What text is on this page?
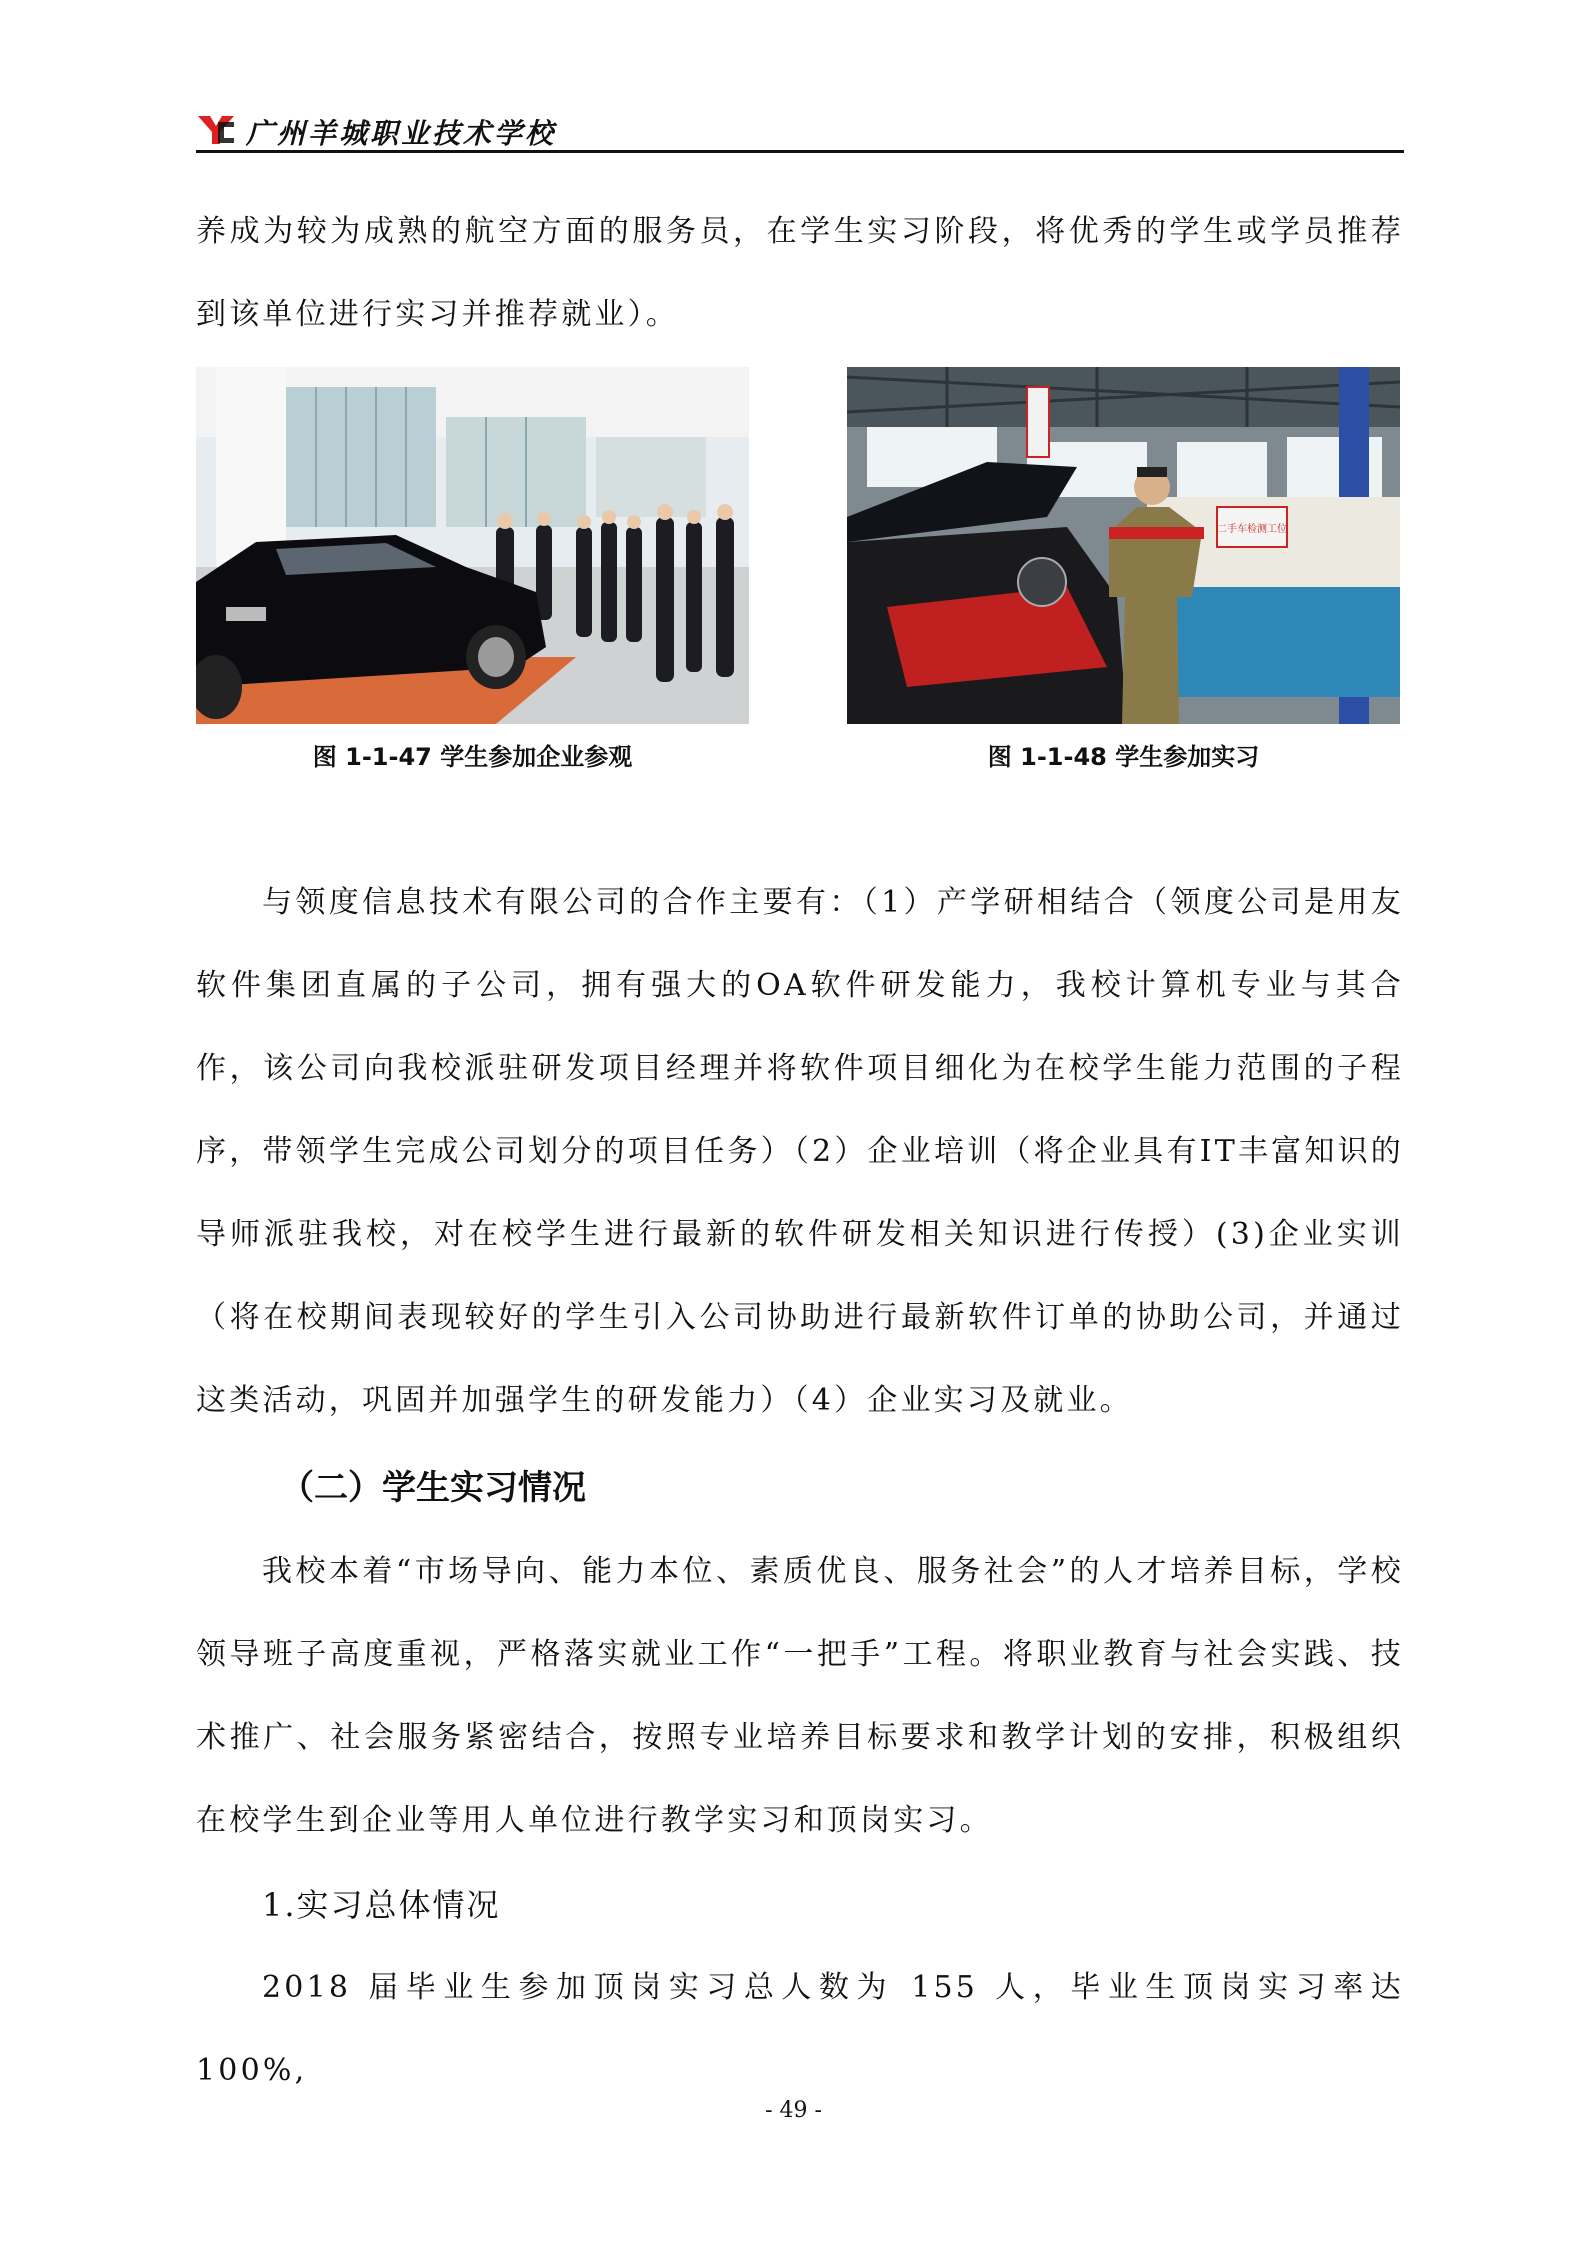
广州羊城职业技术学校

养成为较为成熟的航空方面的服务员，在学生实习阶段，将优秀的学生或学员推荐到该单位进行实习并推荐就业）。

图 1-1-47 学生参加企业参观
二手车检测工位
图 1-1-48 学生参加实习

与领度信息技术有限公司的合作主要有：（1）产学研相结合（领度公司是用友软件集团直属的子公司，拥有强大的OA软件研发能力，我校计算机专业与其合作，该公司向我校派驻研发项目经理并将软件项目细化为在校学生能力范围的子程序，带领学生完成公司划分的项目任务）（2）企业培训（将企业具有IT丰富知识的导师派驻我校，对在校学生进行最新的软件研发相关知识进行传授）(3)企业实训（将在校期间表现较好的学生引入公司协助进行最新软件订单的协助公司，并通过这类活动，巩固并加强学生的研发能力）（4）企业实习及就业。

（二）学生实习情况

我校本着“市场导向、能力本位、素质优良、服务社会”的人才培养目标，学校领导班子高度重视，严格落实就业工作“一把手”工程。将职业教育与社会实践、技术推广、社会服务紧密结合，按照专业培养目标要求和教学计划的安排，积极组织在校学生到企业等用人单位进行教学实习和顶岗实习。

1.实习总体情况

2018 届毕业生参加顶岗实习总人数为 155 人，毕业生顶岗实习率达 100%,

- 49 -
